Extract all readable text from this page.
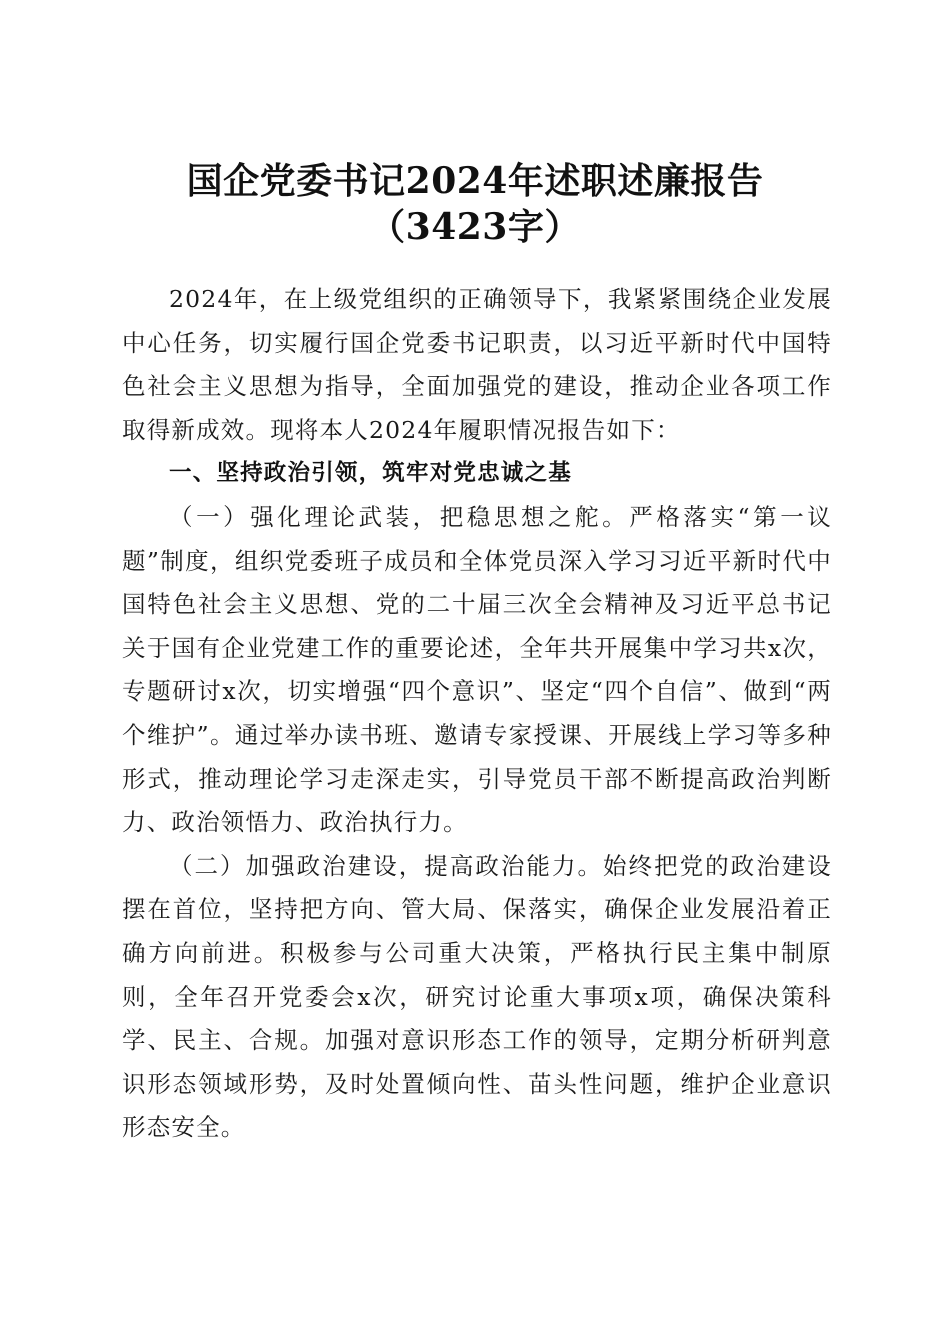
国企党委书记2024年述职述廉报告（3423字）

2024年，在上级党组织的正确领导下，我紧紧围绕企业发展中心任务，切实履行国企党委书记职责，以习近平新时代中国特色社会主义思想为指导，全面加强党的建设，推动企业各项工作取得新成效。现将本人2024年履职情况报告如下：

一、坚持政治引领，筑牢对党忠诚之基

（一）强化理论武装，把稳思想之舵。严格落实“第一议题”制度，组织党委班子成员和全体党员深入学习习近平新时代中国特色社会主义思想、党的二十届三次全会精神及习近平总书记关于国有企业党建工作的重要论述，全年共开展集中学习共x次，专题研讨x次，切实增强“四个意识”、坚定“四个自信”、做到“两个维护”。通过举办读书班、邀请专家授课、开展线上学习等多种形式，推动理论学习走深走实，引导党员干部不断提高政治判断力、政治领悟力、政治执行力。

（二）加强政治建设，提高政治能力。始终把党的政治建设摆在首位，坚持把方向、管大局、保落实，确保企业发展沿着正确方向前进。积极参与公司重大决策，严格执行民主集中制原则，全年召开党委会x次，研究讨论重大事项x项，确保决策科学、民主、合规。加强对意识形态工作的领导，定期分析研判意识形态领域形势，及时处置倾向性、苗头性问题，维护企业意识形态安全。
